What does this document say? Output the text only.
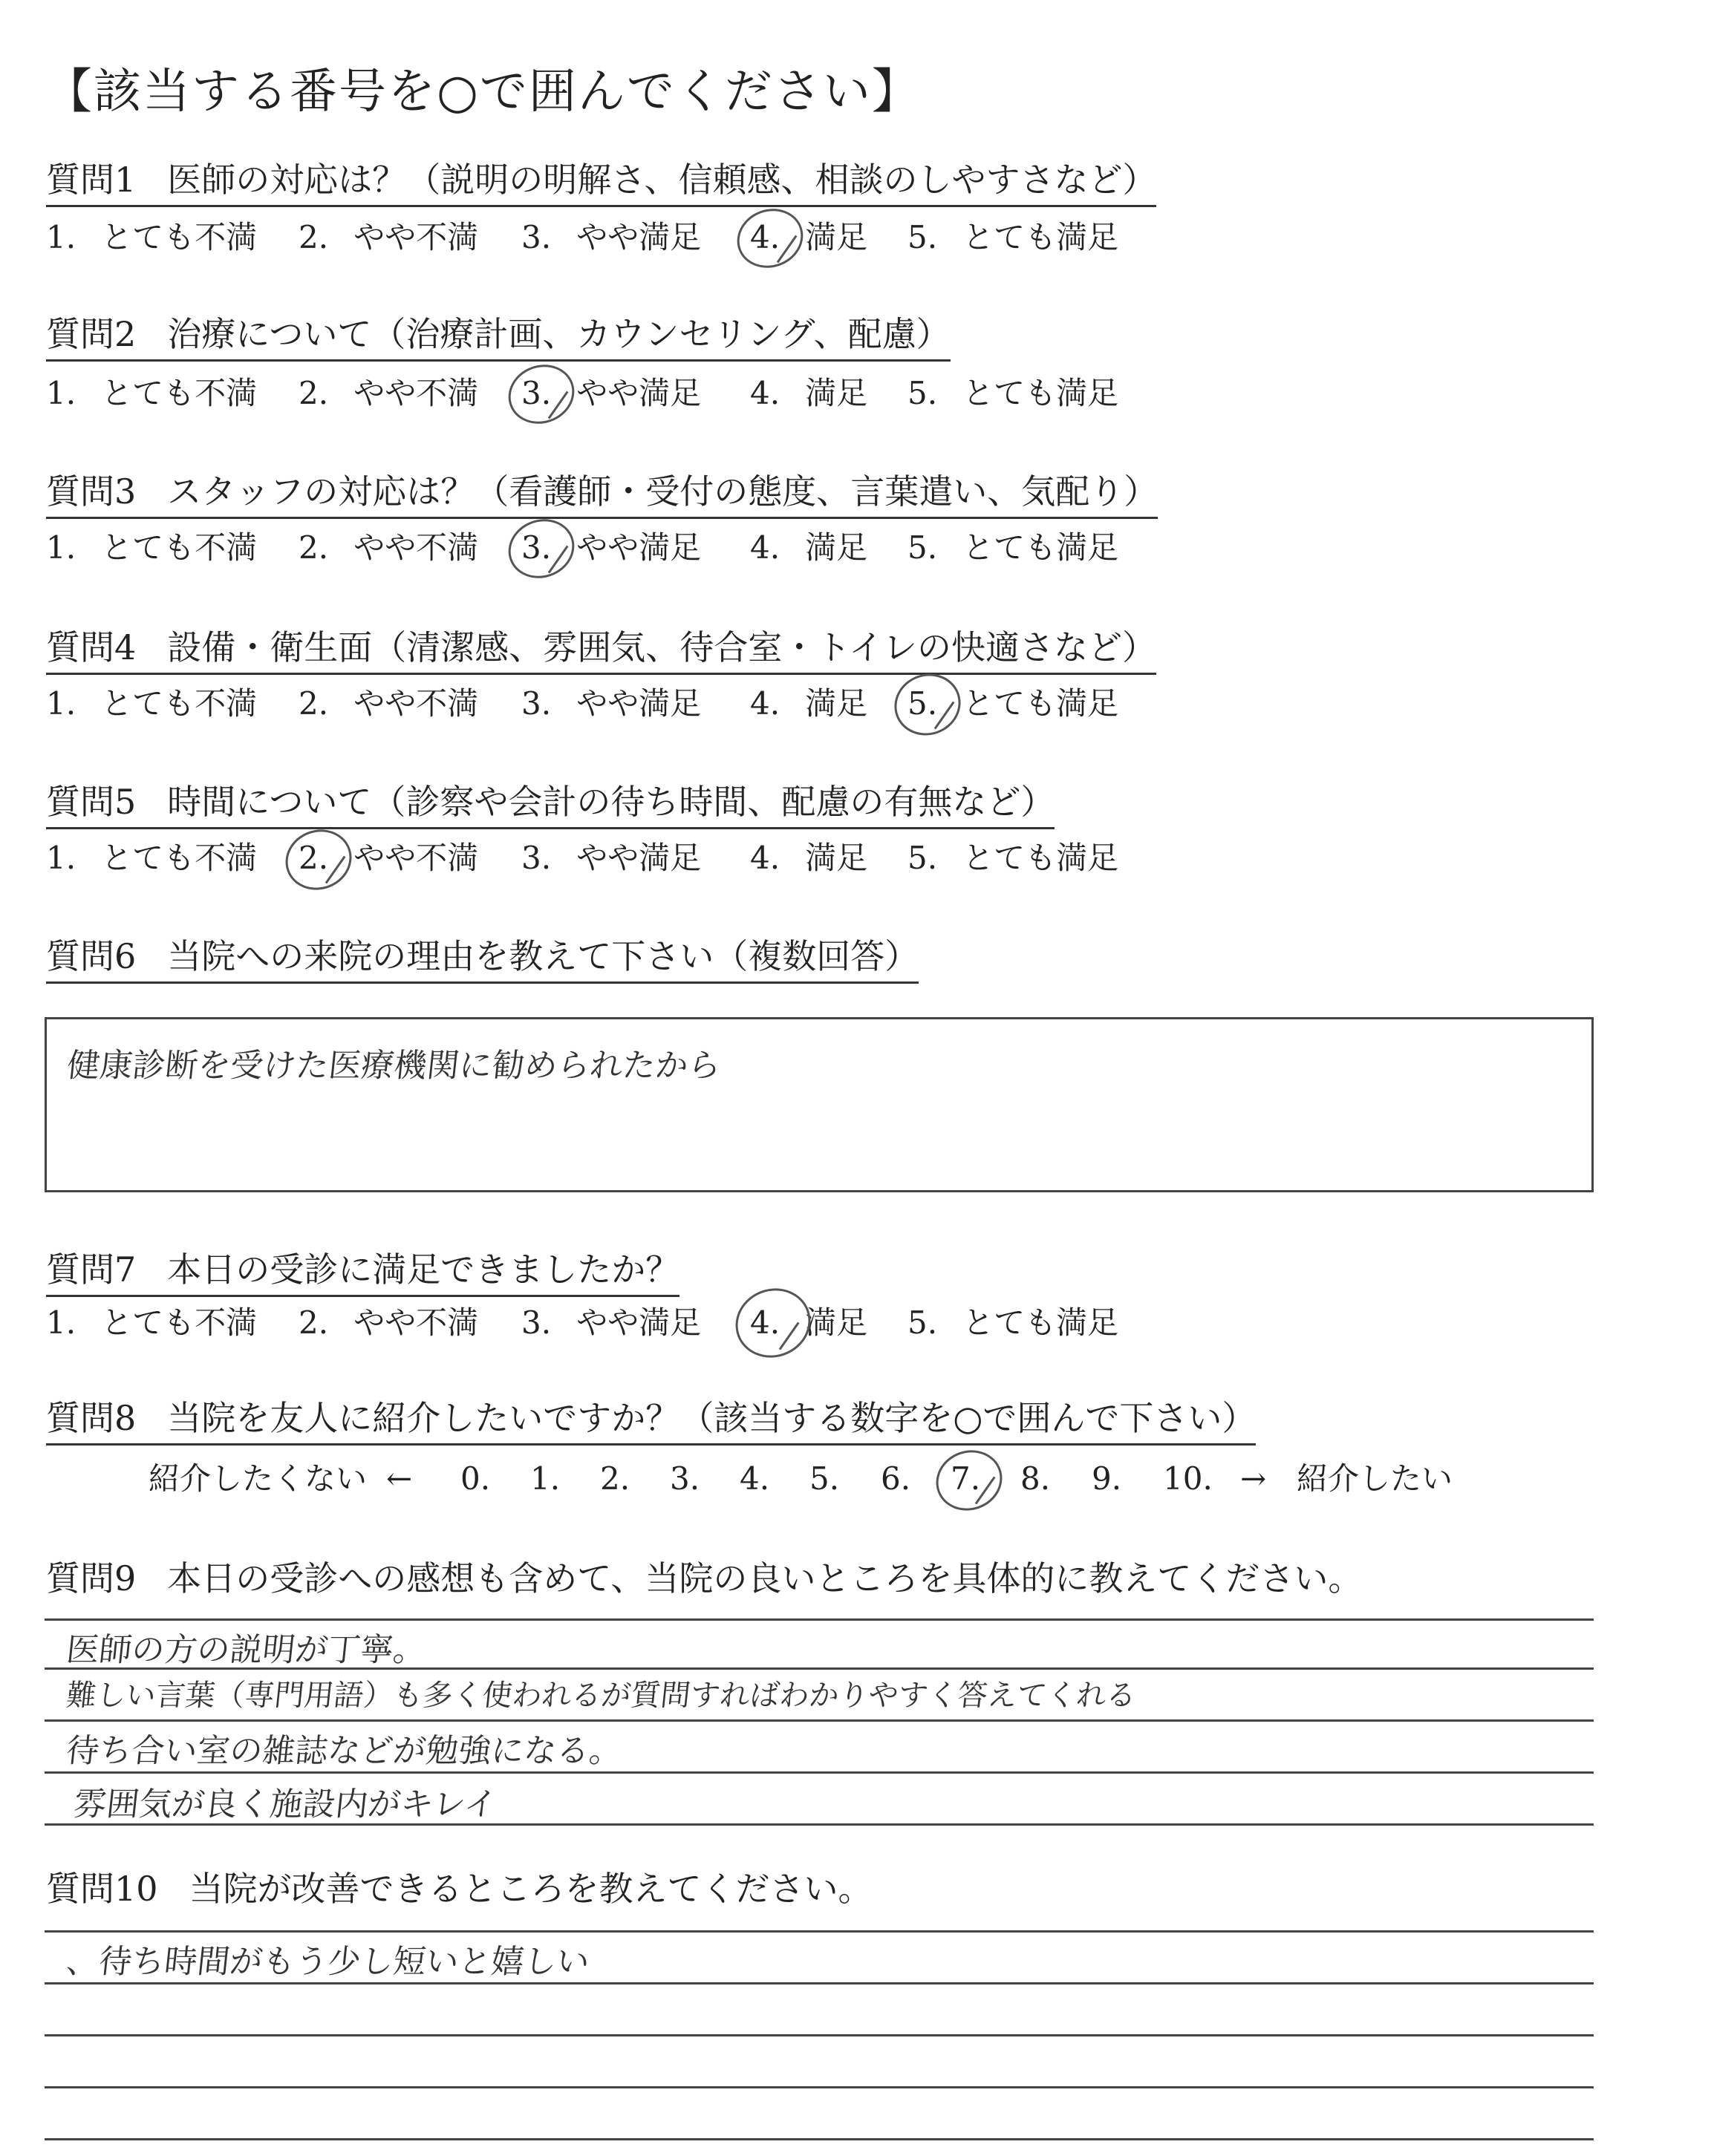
【該当する番号を○で囲んでください】
質問1 医師の対応は？（説明の明解さ、信頼感、相談のしやすさなど）
1. とても不満 2. やや不満 3. やや満足 4. 満足 5. とても満足
質問2 治療について（治療計画、カウンセリング、配慮）
1. とても不満 2. やや不満 3. やや満足 4. 満足 5. とても満足
質問3 スタッフの対応は？（看護師・受付の態度、言葉遣い、気配り）
1. とても不満 2. やや不満 3. やや満足 4. 満足 5. とても満足
質問4 設備・衛生面（清潔感、雰囲気、待合室・トイレの快適さなど）
1. とても不満 2. やや不満 3. やや満足 4. 満足 5. とても満足
質問5 時間について（診察や会計の待ち時間、配慮の有無など）
1. とても不満 2. やや不満 3. やや満足 4. 満足 5. とても満足
質問6 当院への来院の理由を教えて下さい（複数回答）
健康診断を受けた医療機関に勧められたから
質問7 本日の受診に満足できましたか？
1. とても不満 2. やや不満 3. やや満足 4. 満足 5. とても満足
質問8 当院を友人に紹介したいですか？（該当する数字を○で囲んで下さい）
紹介したくない ← 0. 1. 2. 3. 4. 5. 6. 7. 8. 9. 10. → 紹介したい
質問9 本日の受診への感想も含めて、当院の良いところを具体的に教えてください。
医師の方の説明が丁寧。
難しい言葉（専門用語）も多く使われるが質問すればわかりやすく答えてくれる
待ち合い室の雑誌などが勉強になる。
雰囲気が良く施設内がキレイ
質問10 当院が改善できるところを教えてください。
、待ち時間がもう少し短いと嬉しい
